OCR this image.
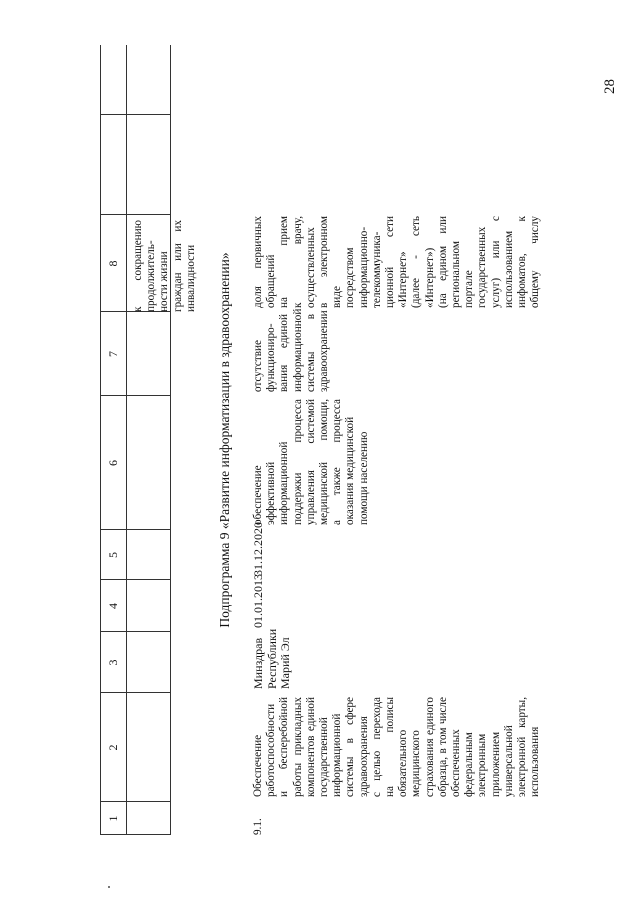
28
1
2
3
4
5
6
7
8	к сокращению продолжитель- ности жизни граждан или их инвалидности Подпрограмма 9 «Развитие информатизации в здравоохранении»
9.1.
Обеспечение работоспособности и бесперебойной работы прикладных компонентов единой государственной информационной системы в сфере здравоохранения с целью перехода на полисы обязательного медицинского страхования единого образца, в том числе обеспеченных федеральным электронным приложением универсальной электронной карты, использования
Минздрав Республики Марий Эл
01.01.2013
31.12.2020
обеспечение эффективной информационной поддержки процесса управления системой медицинской помощи, а также процесса оказания медицинской помощи населению
отсутствие функциониро- вания единой информационной системы в здравоохранении
доля первичных обращений на прием к врачу, осуществленных в электронном виде посредством информационно- телекоммуника- ционной сети «Интернет» (далее - сеть «Интернет») (на едином или региональном портале государственных услуг) или с использованием инфоматов, к общему числу
